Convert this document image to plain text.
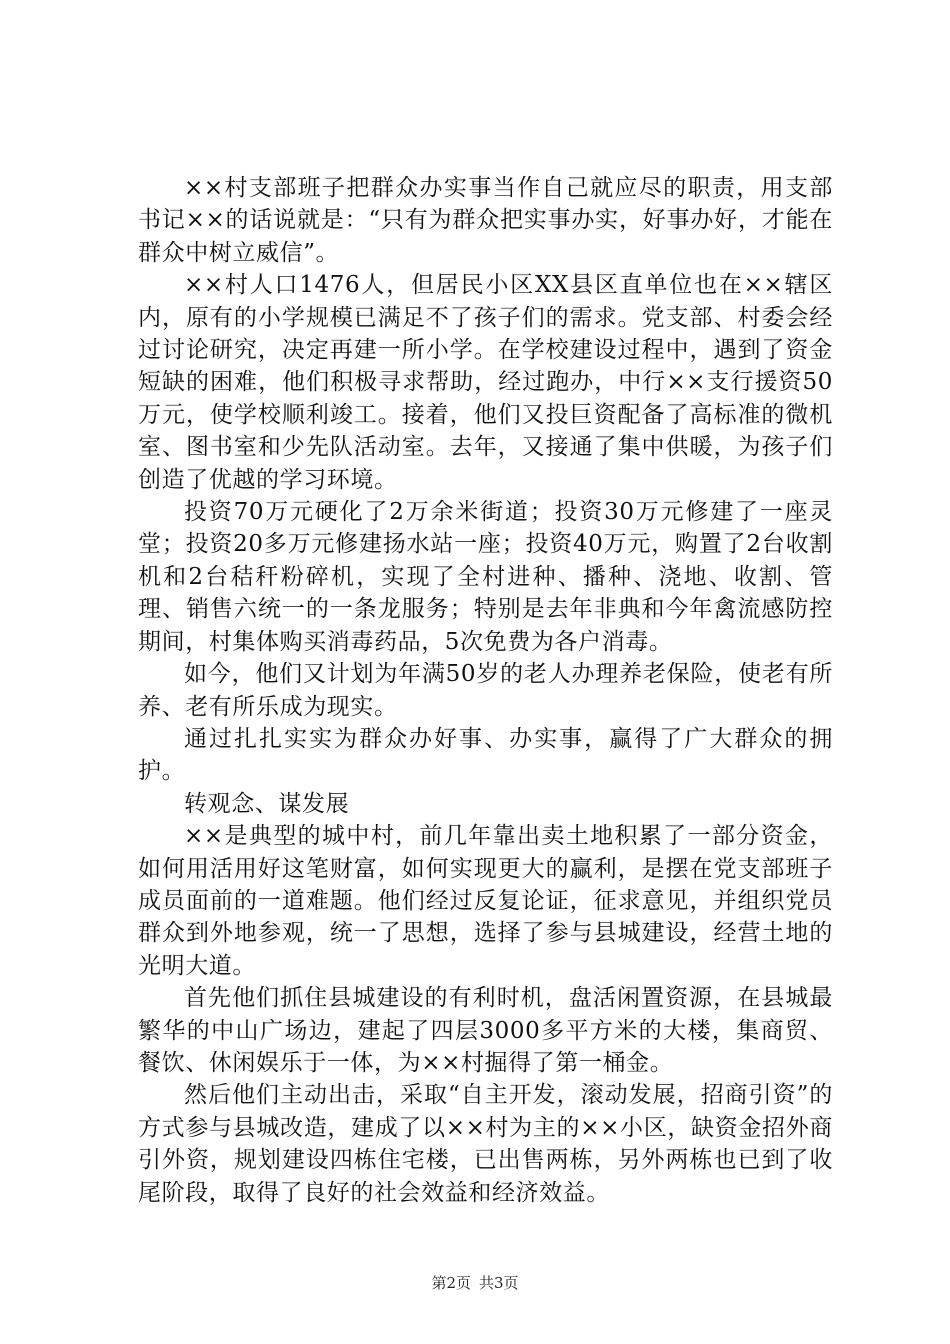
××村支部班子把群众办实事当作自己就应尽的职责，用支部书记××的话说就是：“只有为群众把实事办实，好事办好，才能在群众中树立威信”。

××村人口1476人，但居民小区XX县区直单位也在××辖区内，原有的小学规模已满足不了孩子们的需求。党支部、村委会经过讨论研究，决定再建一所小学。在学校建设过程中，遇到了资金短缺的困难，他们积极寻求帮助，经过跑办，中行××支行援资50万元，使学校顺利竣工。接着，他们又投巨资配备了高标准的微机室、图书室和少先队活动室。去年，又接通了集中供暖，为孩子们创造了优越的学习环境。

投资70万元硬化了2万余米街道；投资30万元修建了一座灵堂；投资20多万元修建扬水站一座；投资40万元，购置了2台收割机和2台秸秆粉碎机，实现了全村进种、播种、浇地、收割、管理、销售六统一的一条龙服务；特别是去年非典和今年禽流感防控期间，村集体购买消毒药品，5次免费为各户消毒。

如今，他们又计划为年满50岁的老人办理养老保险，使老有所养、老有所乐成为现实。

通过扎扎实实为群众办好事、办实事，赢得了广大群众的拥护。

转观念、谋发展

××是典型的城中村，前几年靠出卖土地积累了一部分资金，如何用活用好这笔财富，如何实现更大的赢利，是摆在党支部班子成员面前的一道难题。他们经过反复论证，征求意见，并组织党员群众到外地参观，统一了思想，选择了参与县城建设，经营土地的光明大道。

首先他们抓住县城建设的有利时机，盘活闲置资源，在县城最繁华的中山广场边，建起了四层3000多平方米的大楼，集商贸、餐饮、休闲娱乐于一体，为××村掘得了第一桶金。

然后他们主动出击，采取“自主开发，滚动发展，招商引资”的方式参与县城改造，建成了以××村为主的××小区，缺资金招外商引外资，规划建设四栋住宅楼，已出售两栋，另外两栋也已到了收尾阶段，取得了良好的社会效益和经济效益。

第2页 共3页
